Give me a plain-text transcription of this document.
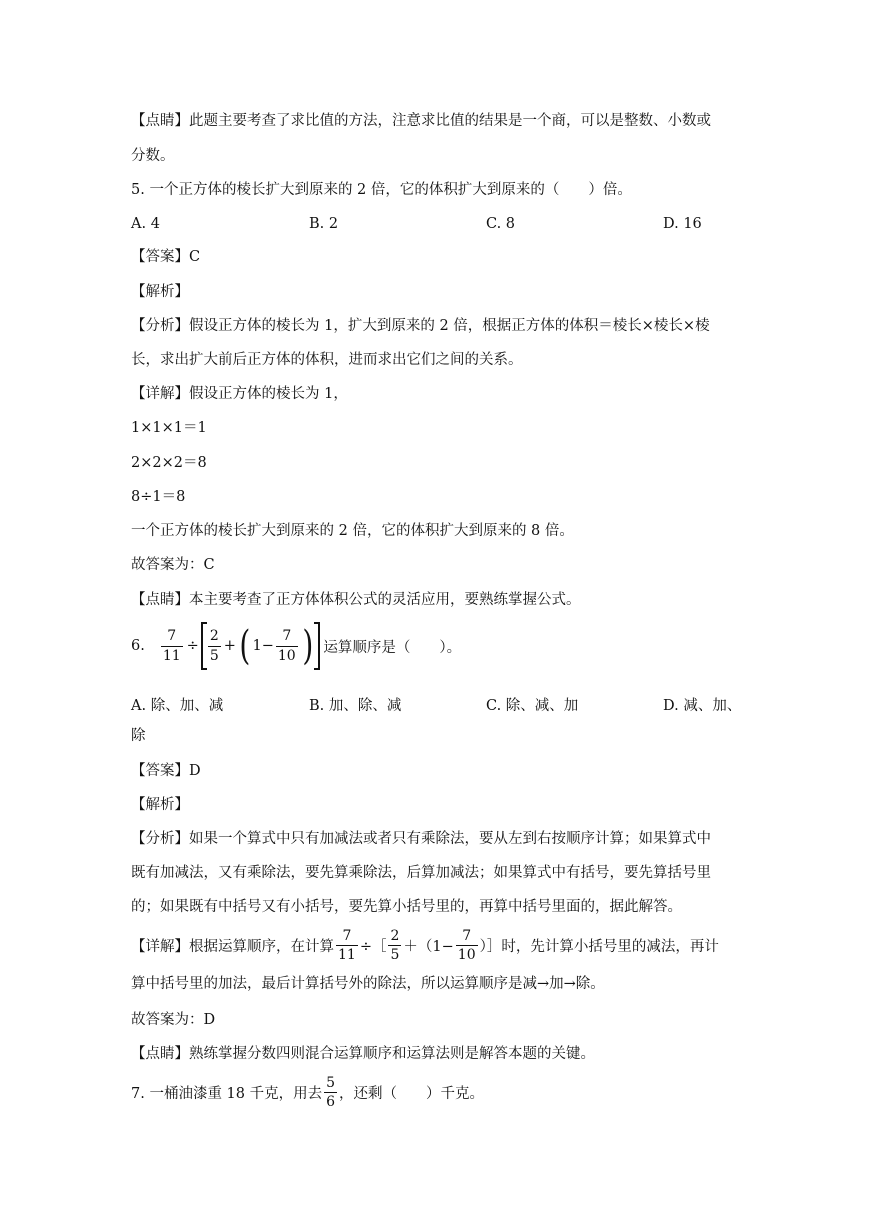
【点睛】此题主要考查了求比值的方法，注意求比值的结果是一个商，可以是整数、小数或
分数。
5. 一个正方体的棱长扩大到原来的 2 倍，它的体积扩大到原来的（　　）倍。
A. 4	B. 2	C. 8	D. 16
【答案】C
【解析】
【分析】假设正方体的棱长为 1，扩大到原来的 2 倍，根据正方体的体积＝棱长×棱长×棱
长，求出扩大前后正方体的体积，进而求出它们之间的关系。
【详解】假设正方体的棱长为 1，
1×1×1＝1
2×2×2＝8
8÷1＝8
一个正方体的棱长扩大到原来的 2 倍，它的体积扩大到原来的 8 倍。
故答案为：C
【点睛】本主要考查了正方体体积公式的灵活应用，要熟练掌握公式。
6. $\frac{7}{11} \div \frac{2}{5}$ + ( $1- \frac{7}{10}$ ) 运算顺序是（　　）。
A. 除、加、减	B. 加、除、减	C. 除、减、加	D. 减、加、
除
【答案】D
【解析】
【分析】如果一个算式中只有加减法或者只有乘除法，要从左到右按顺序计算；如果算式中
既有加减法，又有乘除法，要先算乘除法，后算加减法；如果算式中有括号，要先算括号里
的；如果既有中括号又有小括号，要先算小括号里的，再算中括号里面的，据此解答。
【详解】根据运算顺序，在计算 $\frac{7}{11}$ ÷［ $\frac{2}{5} +(1- \frac{7}{10}$ ）］ 时，先计算小括号里的减法，再计
算中括号里的加法，最后计算括号外的除法，所以运算顺序是减→加→除。
故答案为：D
【点睛】熟练掌握分数四则混合运算顺序和运算法则是解答本题的关键。
7. 一桶油漆重 18 千克，用去 $\frac{5}{6}$ ，还剩（　　）千克。
